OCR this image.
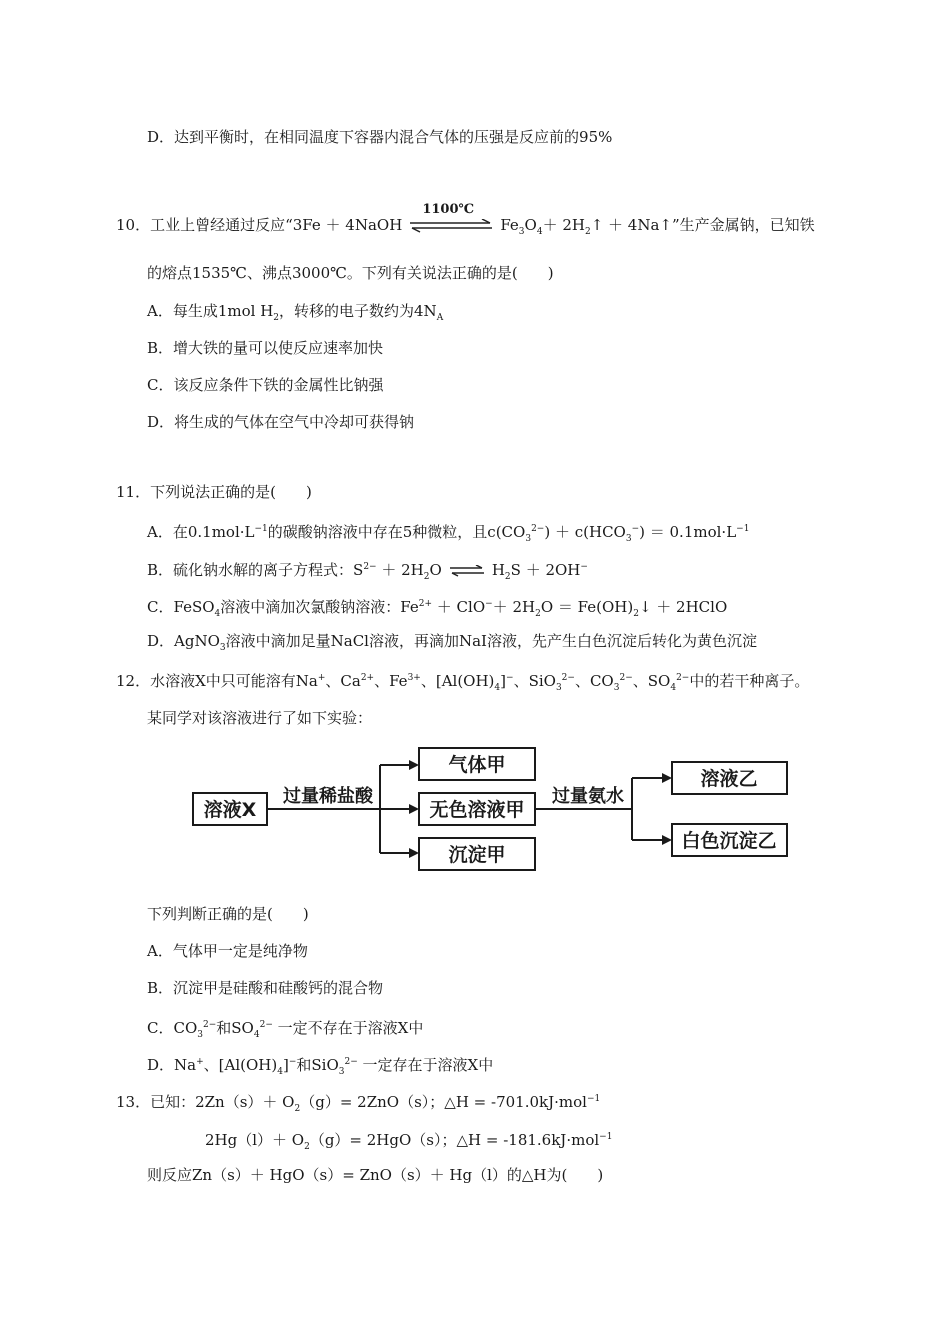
D．达到平衡时，在相同温度下容器内混合气体的压强是反应前的95%
10．工业上曾经通过反应“3Fe ＋ 4NaOH
1100℃
$Fe_3O_4+$ $2H_2↑$ ＋ 4Na↑”生产金属钠，已知铁
的熔点1535℃、沸点3000℃。下列有关说法正确的是(　　)
A．每生成1mol $H_2$，转移的电子数约为$4N_A$
B．增大铁的量可以使反应速率加快
C．该反应条件下铁的金属性比钠强
D．将生成的气体在空气中冷却可获得钠
11．下列说法正确的是(　　)
A．在$0.1mol\cdot L^{-1}$的碳酸钠溶液中存在5种微粒，且$c(CO_3^{2-}) + c(HCO_3^-) = 0.1mol\cdot L^{-1}$
B．硫化钠水解的离子方程式：$S^{2-} + 2H_2O$ ⇌ $H_2S + 2OH^-$
C．FeSO$_4$溶液中滴加次氯酸钠溶液：$Fe^{2+} + ClO^-+ 2H_2O$ ＝ $Fe(OH)_2↓$ ＋ 2HClO
D．AgNO$_3$溶液中滴加足量NaCl溶液，再滴加NaI溶液，先产生白色沉淀后转化为黄色沉淀
12．水溶液X中只可能溶有Na+、$Ca^{2+}$、$Fe^{3+}$、$[Al(OH)_4]^-$、SiO$_3^{2-}$、$CO_3^{2-}$、$SO_4^{2-}$中的若干种离子。
某同学对该溶液进行了如下实验：
溶液X
过量稀盐酸
气体甲
无色溶液甲
沉淀甲
过量氨水
溶液乙
白色沉淀乙
下列判断正确的是(　　)
A．气体甲一定是纯净物
B．沉淀甲是硅酸和硅酸钙的混合物
C．$CO_3^{2-}$和$SO_4^{2-}$ 一定不存在于溶液X中
D．Na+、$[Al(OH)_4]^-$和SiO$_3^{2-}$ 一定存在于溶液X中
13．已知：$2Zn(s)+ O_2(g)= 2ZnO(s)$；△H = -701.0kJ·mol$^{-1}$
$2Hg(l)+ O_2(g)= 2HgO(s)$；△H = -181.6kJ·mol$^{-1}$
则反应Zn（s）＋ HgO（s）= ZnO（s）＋ Hg（l）的△H为(　　)
